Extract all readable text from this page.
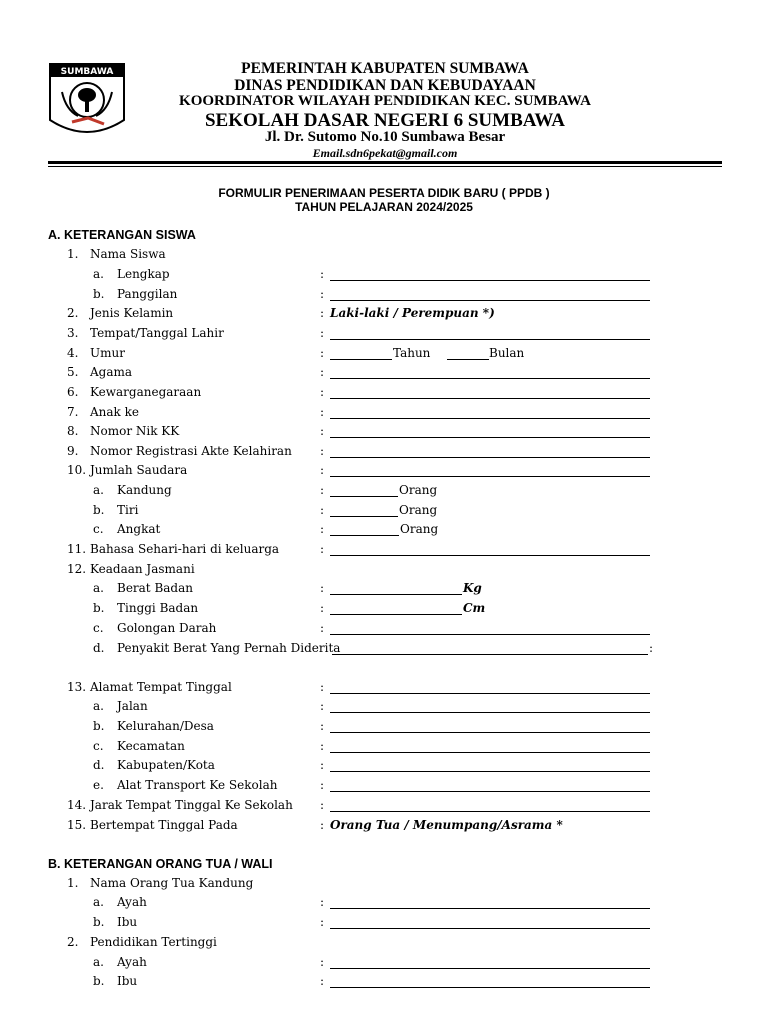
SUMBAWA	PEMERINTAH KABUPATEN SUMBAWA
DINAS PENDIDIKAN DAN KEBUDAYAAN
KOORDINATOR WILAYAH PENDIDIKAN KEC. SUMBAWA
SEKOLAH DASAR NEGERI 6 SUMBAWA
Jl. Dr. Sutomo No.10 Sumbawa Besar
Email.sdn6pekat@gmail.com
FORMULIR PENERIMAAN PESERTA DIDIK BARU ( PPDB )
TAHUN PELAJARAN 2024/2025
A. KETERANGAN SISWA
1. Nama Siswa
a. Lengkap	:
b. Panggilan	:
2. Jenis Kelamin	: Laki-laki / Perempuan *)
3. Tempat/Tanggal Lahir	:
4. Umur	:	Tahun	Bulan
5. Agama	:
6. Kewarganegaraan	:
7. Anak ke	:
8. Nomor Nik KK	:
9. Nomor Registrasi Akte Kelahiran :
10. Jumlah Saudara	:
a. Kandung	:	Orang
b. Tiri	:	Orang
c. Angkat	:	Orang
11. Bahasa Sehari-hari di keluarga	:
12. Keadaan Jasmani
a. Berat Badan	:	Kg
b. Tinggi Badan	:	Cm
c. Golongan Darah	:
d. Penyakit Berat Yang Pernah Diderita	:
13. Alamat Tempat Tinggal	:
a. Jalan	:
b. Kelurahan/Desa	:
c. Kecamatan	:
d. Kabupaten/Kota	:
e. Alat Transport Ke Sekolah	:
14. Jarak Tempat Tinggal Ke Sekolah :
15. Bertempat Tinggal Pada	: Orang Tua / Menumpang/Asrama *
B. KETERANGAN ORANG TUA / WALI
1. Nama Orang Tua Kandung
a. Ayah	:
b. Ibu	:
2. Pendidikan Tertinggi
a. Ayah	:
b. Ibu	:
